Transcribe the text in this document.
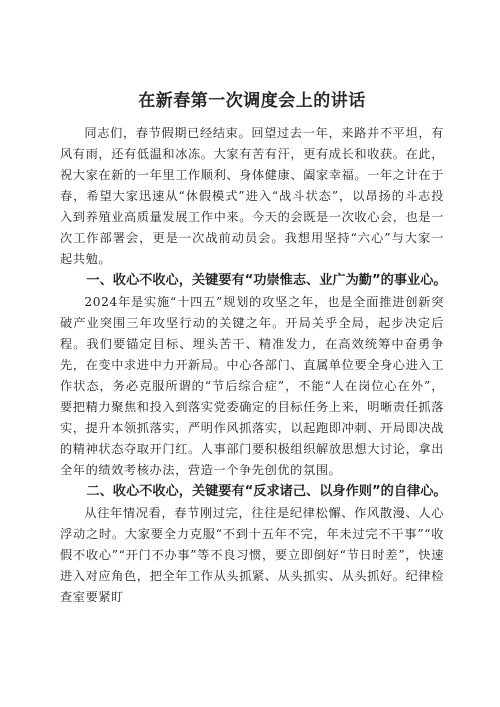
在新春第一次调度会上的讲话

同志们，春节假期已经结束。回望过去一年，来路并不平坦，有风有雨，还有低温和冰冻。大家有苦有汗，更有成长和收获。在此，祝大家在新的一年里工作顺利、身体健康、阖家幸福。一年之计在于春，希望大家迅速从“休假模式”进入“战斗状态”，以昂扬的斗志投入到养殖业高质量发展工作中来。今天的会既是一次收心会，也是一次工作部署会，更是一次战前动员会。我想用坚持“六心”与大家一起共勉。

一、收心不收心，关键要有“功崇惟志、业广为勤”的事业心。

2024年是实施“十四五”规划的攻坚之年，也是全面推进创新突破产业突围三年攻坚行动的关键之年。开局关乎全局，起步决定后程。我们要锚定目标、埋头苦干、精准发力，在高效统筹中奋勇争先，在变中求进中力开新局。中心各部门、直属单位要全身心进入工作状态，务必克服所谓的“节后综合症”，不能“人在岗位心在外”，要把精力聚焦和投入到落实党委确定的目标任务上来，明晰责任抓落实，提升本领抓落实，严明作风抓落实，以起跑即冲刺、开局即决战的精神状态夺取开门红。人事部门要积极组织解放思想大讨论，拿出全年的绩效考核办法，营造一个争先创优的氛围。

二、收心不收心，关键要有“反求诸己、以身作则”的自律心。

从往年情况看，春节刚过完，往往是纪律松懈、作风散漫、人心浮动之时。大家要全力克服“不到十五年不完，年未过完不干事”“收假不收心”“开门不办事”等不良习惯，要立即倒好“节日时差”，快速进入对应角色，把全年工作从头抓紧、从头抓实、从头抓好。纪律检查室要紧盯
